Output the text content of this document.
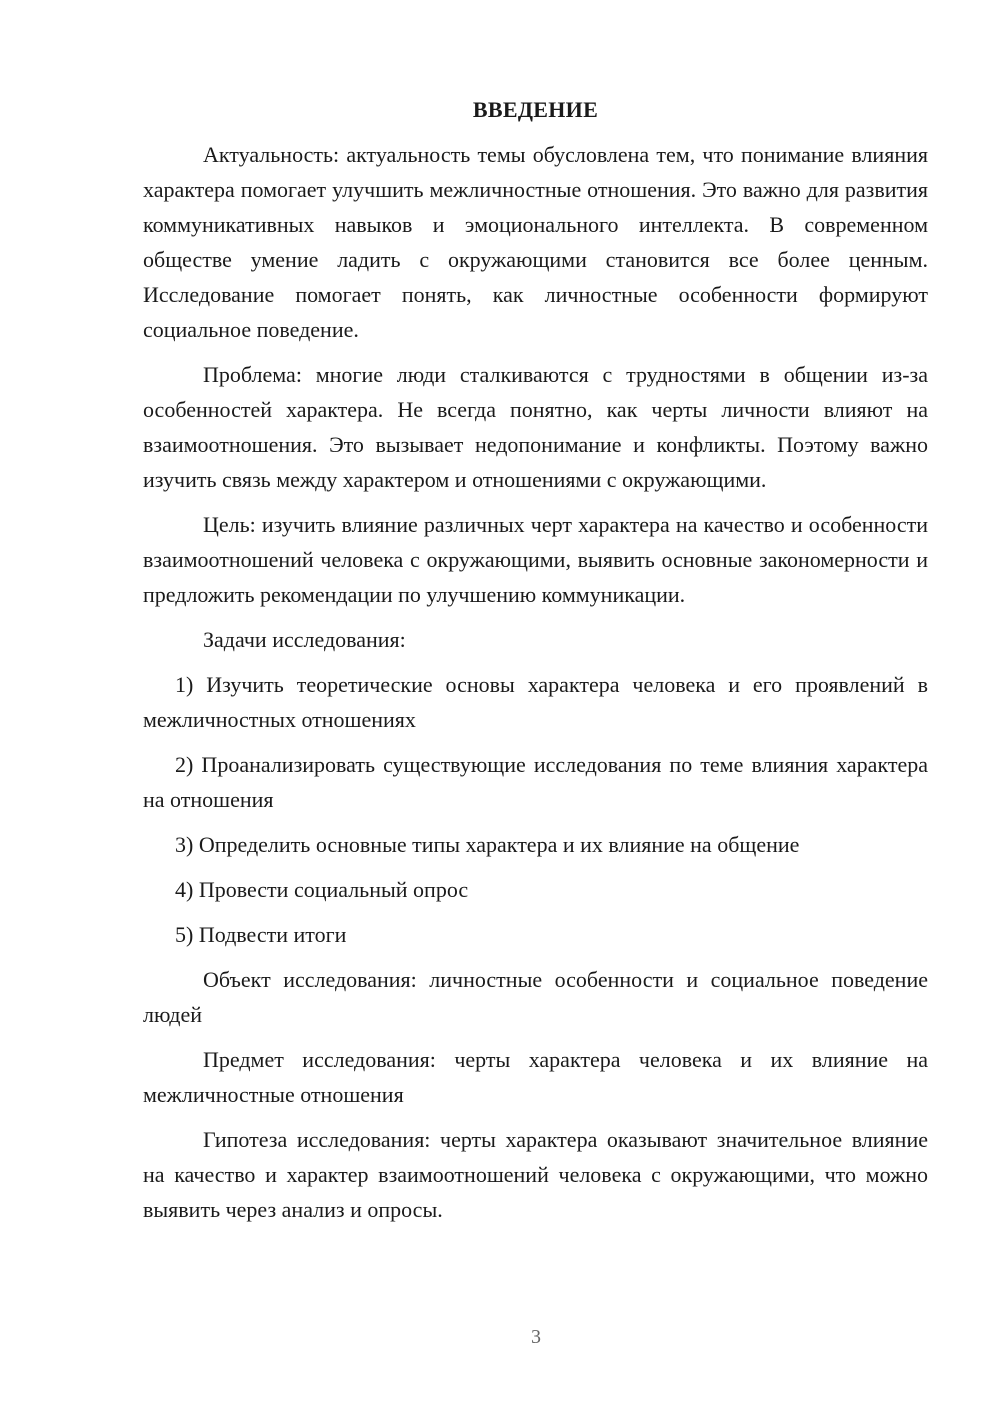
ВВЕДЕНИЕ

Актуальность: актуальность темы обусловлена тем, что понимание влияния характера помогает улучшить межличностные отношения. Это важно для развития коммуникативных навыков и эмоционального интеллекта. В современном обществе умение ладить с окружающими становится все более ценным. Исследование помогает понять, как личностные особенности формируют социальное поведение.

Проблема: многие люди сталкиваются с трудностями в общении из-за особенностей характера. Не всегда понятно, как черты личности влияют на взаимоотношения. Это вызывает недопонимание и конфликты. Поэтому важно изучить связь между характером и отношениями с окружающими.

Цель: изучить влияние различных черт характера на качество и особенности взаимоотношений человека с окружающими, выявить основные закономерности и предложить рекомендации по улучшению коммуникации.

Задачи исследования:

1) Изучить теоретические основы характера человека и его проявлений в межличностных отношениях

2) Проанализировать существующие исследования по теме влияния характера на отношения

3) Определить основные типы характера и их влияние на общение

4) Провести социальный опрос

5) Подвести итоги

Объект исследования: личностные особенности и социальное поведение людей

Предмет исследования: черты характера человека и их влияние на межличностные отношения

Гипотеза исследования: черты характера оказывают значительное влияние на качество и характер взаимоотношений человека с окружающими, что можно выявить через анализ и опросы.

3
